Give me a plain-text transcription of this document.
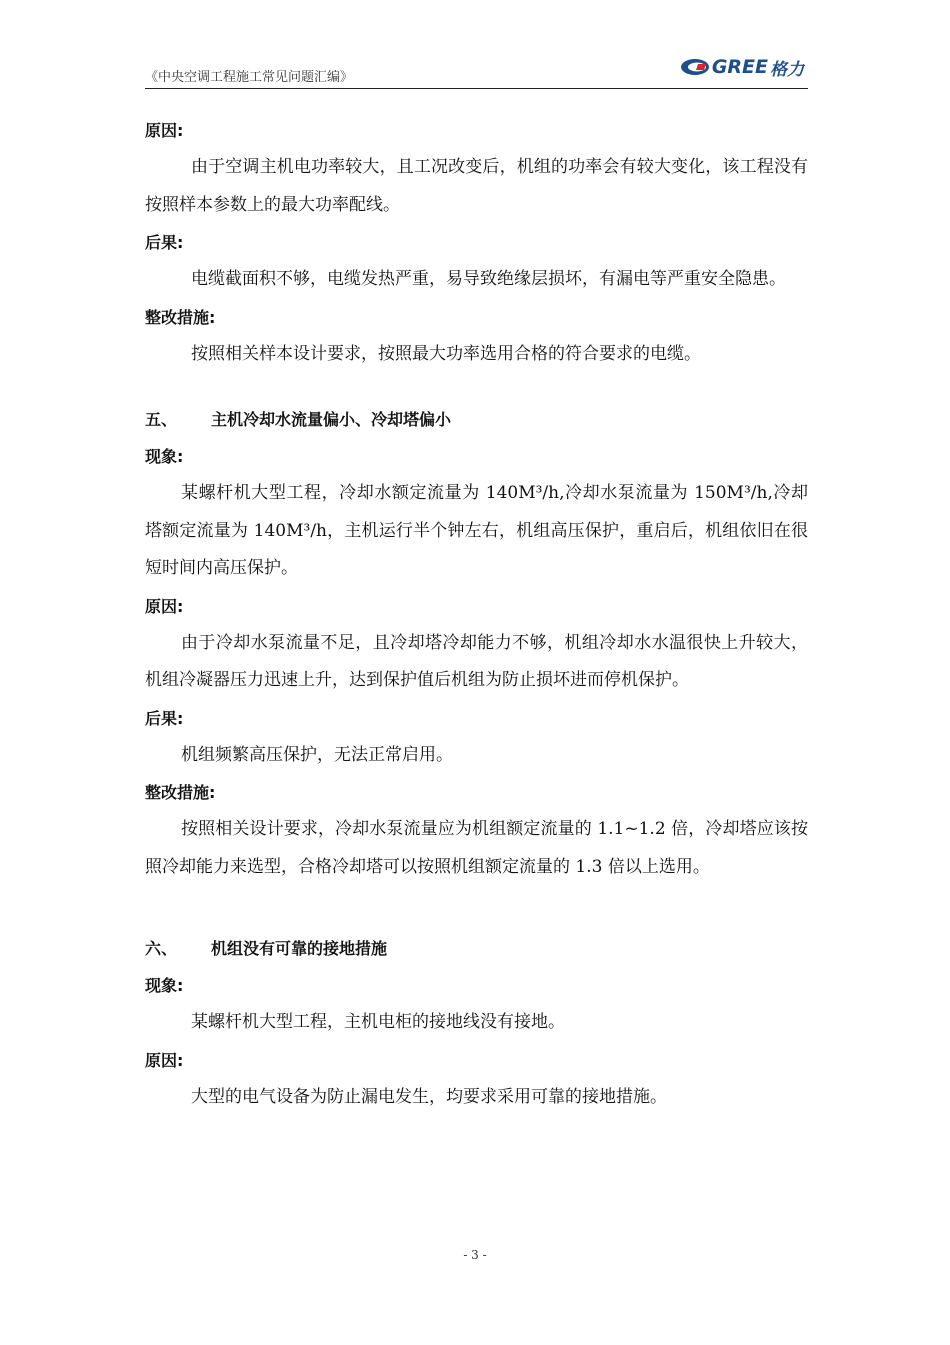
《中央空调工程施工常见问题汇编》	GREE 格力
原因:
由于空调主机电功率较大，且工况改变后，机组的功率会有较大变化，该工程没有按照样本参数上的最大功率配线。
后果:
电缆截面积不够，电缆发热严重，易导致绝缘层损坏，有漏电等严重安全隐患。
整改措施:
按照相关样本设计要求，按照最大功率选用合格的符合要求的电缆。
五、 主机冷却水流量偏小、冷却塔偏小
现象:
某螺杆机大型工程，冷却水额定流量为 140M³/h,冷却水泵流量为 150M³/h,冷却塔额定流量为 140M³/h，主机运行半个钟左右，机组高压保护，重启后，机组依旧在很短时间内高压保护。
原因:
由于冷却水泵流量不足，且冷却塔冷却能力不够，机组冷却水水温很快上升较大，机组冷凝器压力迅速上升，达到保护值后机组为防止损坏进而停机保护。
后果:
机组频繁高压保护，无法正常启用。
整改措施:
按照相关设计要求，冷却水泵流量应为机组额定流量的 1.1~1.2 倍，冷却塔应该按照冷却能力来选型，合格冷却塔可以按照机组额定流量的 1.3 倍以上选用。
六、 机组没有可靠的接地措施
现象:
某螺杆机大型工程，主机电柜的接地线没有接地。
原因:
大型的电气设备为防止漏电发生，均要求采用可靠的接地措施。
- 3 -
